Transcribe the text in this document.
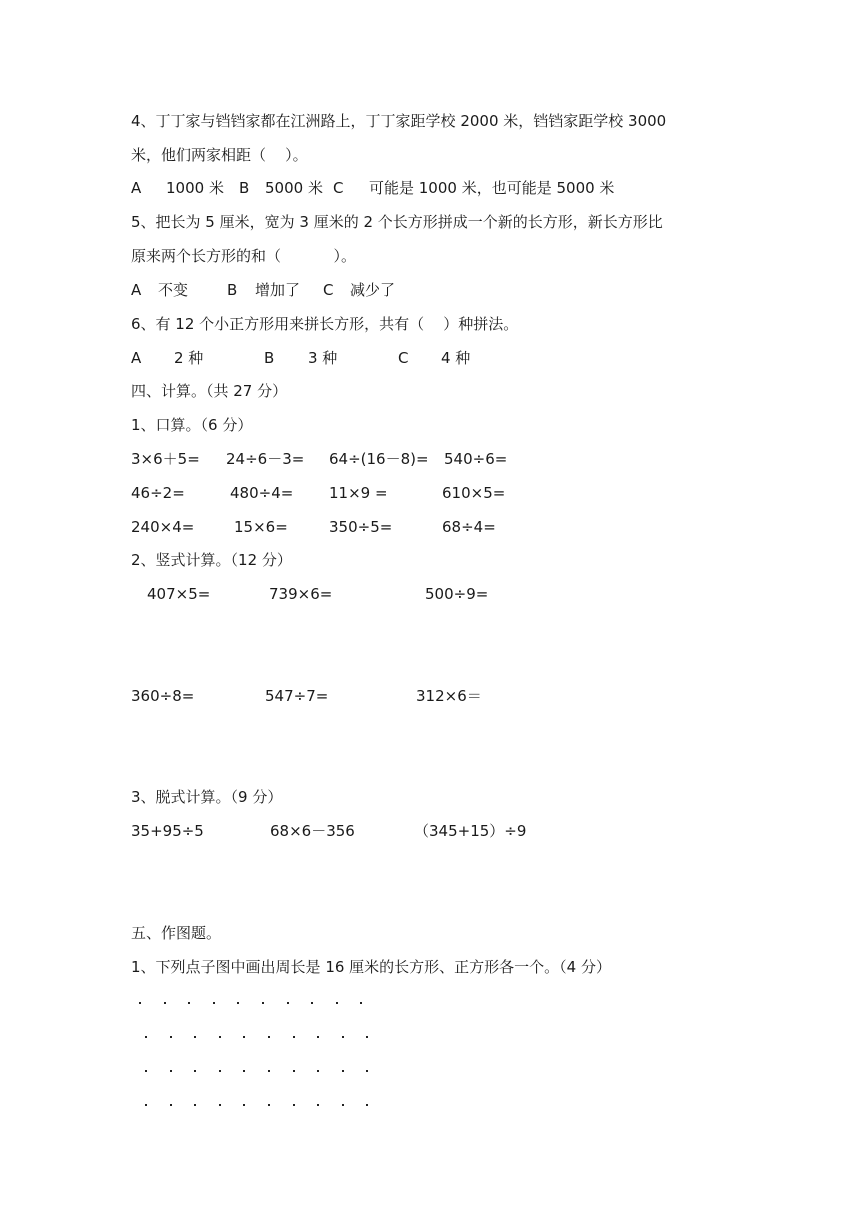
4、丁丁家与铛铛家都在江洲路上，丁丁家距学校 2000 米，铛铛家距学校 3000
米，他们两家相距（    ）。
A 1000 米 B 5000 米 C 可能是 1000 米，也可能是 5000 米
5、把长为 5 厘米，宽为 3 厘米的 2 个长方形拼成一个新的长方形，新长方形比
原来两个长方形的和（           ）。
A 不变	B 增加了 C 减少了
6、有 12 个小正方形用来拼长方形，共有（    ）种拼法。
A 2 种	B 3 种	C 4 种
四、计算。（共 27 分）
1、口算。（6 分）
3×6＋5= 24÷6－3= 64÷(16－8)= 540÷6=
46÷2=	480÷4= 11×9 =	610×5=
240×4=	15×6=	350÷5=	68÷4=
2、竖式计算。（12 分）
407×5=	739×6=	500÷9=
360÷8=	547÷7=	312×6＝
3、脱式计算。（9 分）
35+95÷5	68×6－356	（345+15）÷9
五、作图题。
1、下列点子图中画出周长是 16 厘米的长方形、正方形各一个。（4 分）
